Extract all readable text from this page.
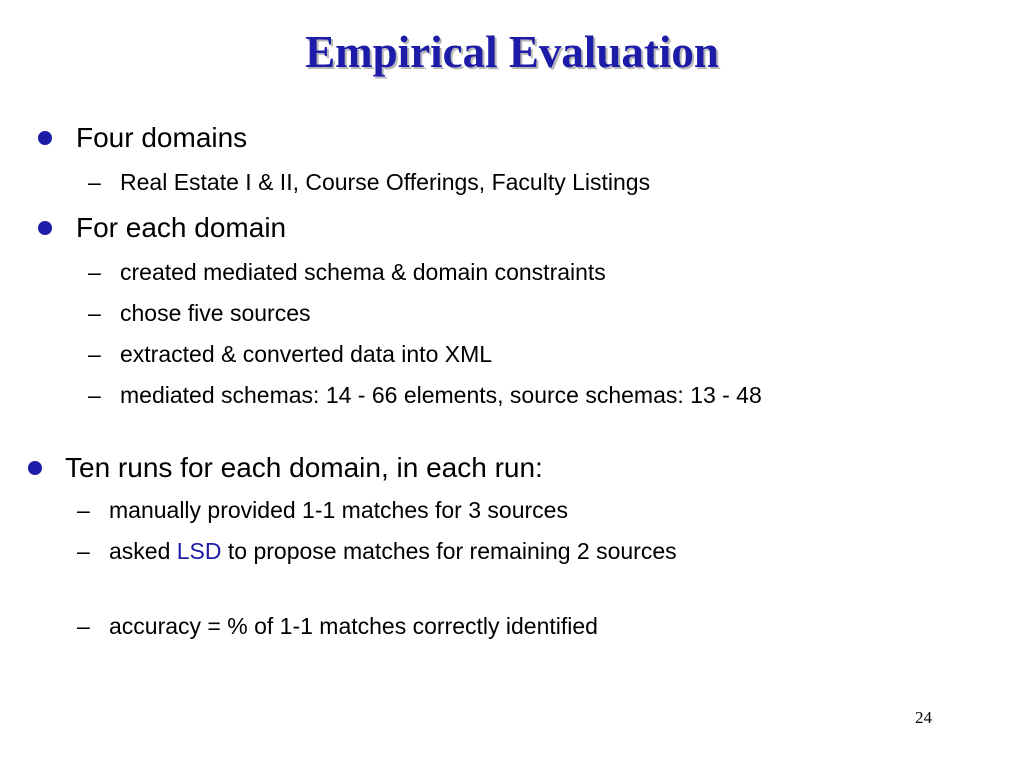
Empirical Evaluation
Four domains
– Real Estate I & II, Course Offerings, Faculty Listings
For each domain
– created mediated schema & domain constraints
– chose five sources
– extracted & converted data into XML
– mediated schemas: 14 - 66 elements, source schemas: 13 - 48
Ten runs for each domain, in each run:
– manually provided 1-1 matches for 3 sources
– asked LSD to propose matches for remaining 2 sources
– accuracy = % of 1-1 matches correctly identified
24
